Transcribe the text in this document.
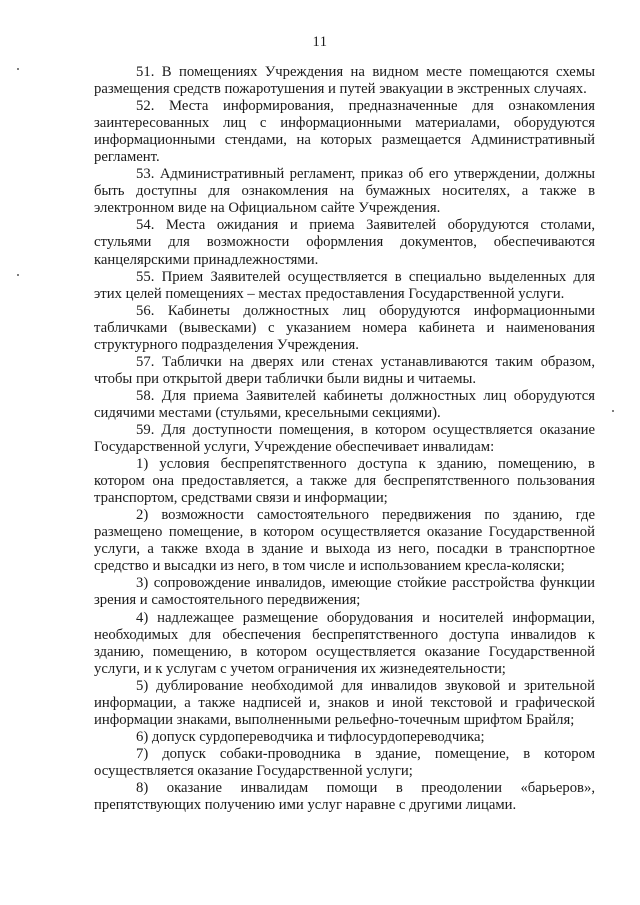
11

51. В помещениях Учреждения на видном месте помещаются схемы размещения средств пожаротушения и путей эвакуации в экстренных случаях.

52. Места информирования, предназначенные для ознакомления заинтересованных лиц с информационными материалами, оборудуются информационными стендами, на которых размещается Административный регламент.

53. Административный регламент, приказ об его утверждении, должны быть доступны для ознакомления на бумажных носителях, а также в электронном виде на Официальном сайте Учреждения.

54. Места ожидания и приема Заявителей оборудуются столами, стульями для возможности оформления документов, обеспечиваются канцелярскими принадлежностями.

55. Прием Заявителей осуществляется в специально выделенных для этих целей помещениях – местах предоставления Государственной услуги.

56. Кабинеты должностных лиц оборудуются информационными табличками (вывесками) с указанием номера кабинета и наименования структурного подразделения Учреждения.

57. Таблички на дверях или стенах устанавливаются таким образом, чтобы при открытой двери таблички были видны и читаемы.

58. Для приема Заявителей кабинеты должностных лиц оборудуются сидячими местами (стульями, кресельными секциями).

59. Для доступности помещения, в котором осуществляется оказание Государственной услуги, Учреждение обеспечивает инвалидам:

1) условия беспрепятственного доступа к зданию, помещению, в котором она предоставляется, а также для беспрепятственного пользования транспортом, средствами связи и информации;

2) возможности самостоятельного передвижения по зданию, где размещено помещение, в котором осуществляется оказание Государственной услуги, а также входа в здание и выхода из него, посадки в транспортное средство и высадки из него, в том числе и использованием кресла-коляски;

3) сопровождение инвалидов, имеющие стойкие расстройства функции зрения и самостоятельного передвижения;

4) надлежащее размещение оборудования и носителей информации, необходимых для обеспечения беспрепятственного доступа инвалидов к зданию, помещению, в котором осуществляется оказание Государственной услуги, и к услугам с учетом ограничения их жизнедеятельности;

5) дублирование необходимой для инвалидов звуковой и зрительной информации, а также надписей и, знаков и иной текстовой и графической информации знаками, выполненными рельефно-точечным шрифтом Брайля;

6) допуск сурдопереводчика и тифлосурдопереводчика;

7) допуск собаки-проводника в здание, помещение, в котором осуществляется оказание Государственной услуги;

8) оказание инвалидам помощи в преодолении «барьеров», препятствующих получению ими услуг наравне с другими лицами.
